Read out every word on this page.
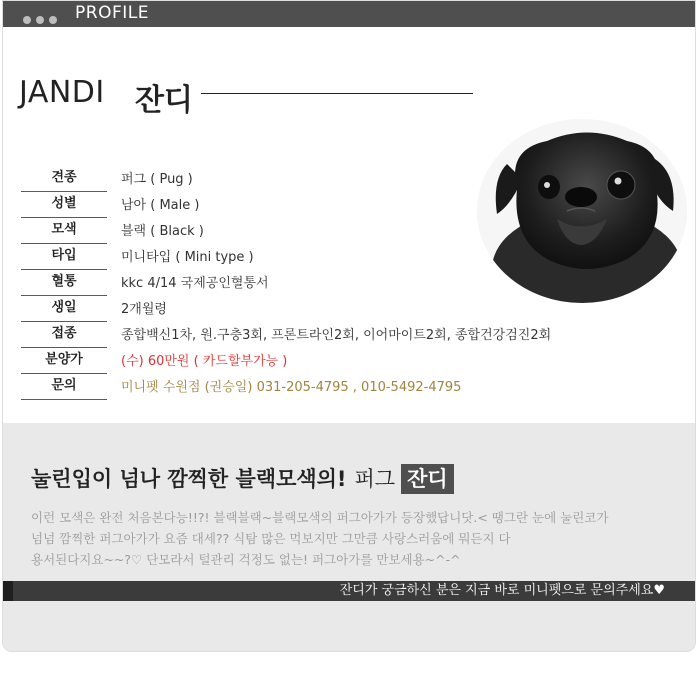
PROFILE
JANDI 잔디
견종	퍼그 ( Pug )
성별	남아 ( Male )
모색	블랙 ( Black )
타입	미니타입 ( Mini type )
혈통	kkc 4/14 국제공인혈통서
생일	2개월령
접종	종합백신1차, 원.구충3회, 프론트라인2회, 이어마이트2회, 종합건강검진2회
분양가	(수) 60만원 ( 카드할부가능 )
문의	미니펫 수원점 (권승일) 031-205-4795 , 010-5492-4795
눌린입이 넘나 깜찍한 블랙모색의! 퍼그 잔디
이런 모색은 완전 처음본다능!!?! 블랙블랙~블랙모색의 퍼그아가가 등장했답니닷.< 땡그란 눈에 눌린코가
넘넘 깜찍한 퍼그아가가 요즘 대세?? 식탐 많은 먹보지만 그만큼 사랑스러움에 뭐든지 다
용서된다지요~~?♡ 단모라서 털관리 걱정도 없는! 퍼그아가를 만보세용~^-^
잔디가 궁금하신 분은 지금 바로 미니펫으로 문의주세요♥
